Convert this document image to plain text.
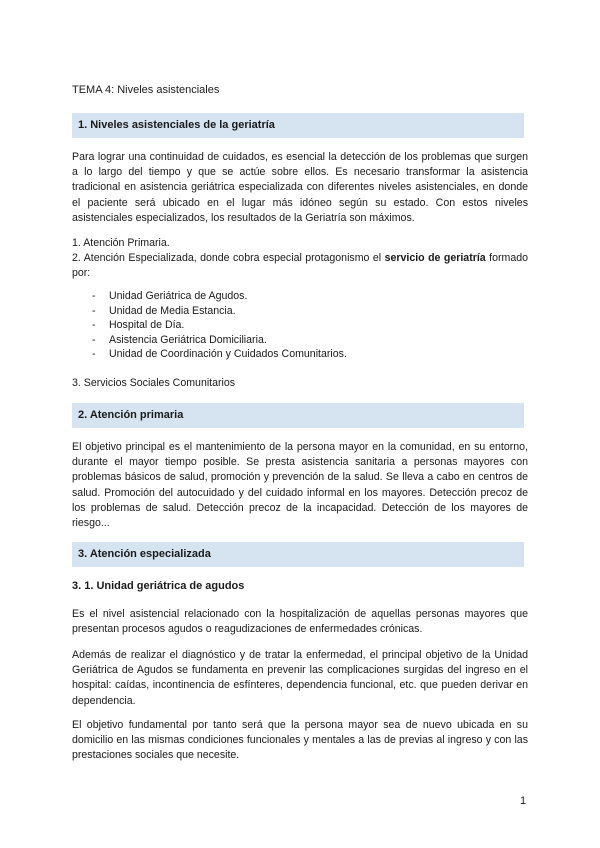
TEMA 4: Niveles asistenciales
1. Niveles asistenciales de la geriatría

Para lograr una continuidad de cuidados, es esencial la detección de los problemas que surgen a lo largo del tiempo y que se actúe sobre ellos. Es necesario transformar la asistencia tradicional en asistencia geriátrica especializada con diferentes niveles asistenciales, en donde el paciente será ubicado en el lugar más idóneo según su estado. Con estos niveles asistenciales especializados, los resultados de la Geriatría son máximos.

1. Atención Primaria.

2. Atención Especializada, donde cobra especial protagonismo el servicio de geriatría formado por:

- Unidad Geriátrica de Agudos.
- Unidad de Media Estancia.
- Hospital de Día.
- Asistencia Geriátrica Domiciliaria.
- Unidad de Coordinación y Cuidados Comunitarios.
3. Servicios Sociales Comunitarios
2. Atención primaria

El objetivo principal es el mantenimiento de la persona mayor en la comunidad, en su entorno, durante el mayor tiempo posible. Se presta asistencia sanitaria a personas mayores con problemas básicos de salud, promoción y prevención de la salud. Se lleva a cabo en centros de salud. Promoción del autocuidado y del cuidado informal en los mayores. Detección precoz de los problemas de salud. Detección precoz de la incapacidad. Detección de los mayores de riesgo...

3. Atención especializada
3. 1. Unidad geriátrica de agudos

Es el nivel asistencial relacionado con la hospitalización de aquellas personas mayores que presentan procesos agudos o reagudizaciones de enfermedades crónicas.

Además de realizar el diagnóstico y de tratar la enfermedad, el principal objetivo de la Unidad Geriátrica de Agudos se fundamenta en prevenir las complicaciones surgidas del ingreso en el hospital: caídas, incontinencia de esfínteres, dependencia funcional, etc. que pueden derivar en dependencia.

El objetivo fundamental por tanto será que la persona mayor sea de nuevo ubicada en su domicilio en las mismas condiciones funcionales y mentales a las de previas al ingreso y con las prestaciones sociales que necesite.

1
